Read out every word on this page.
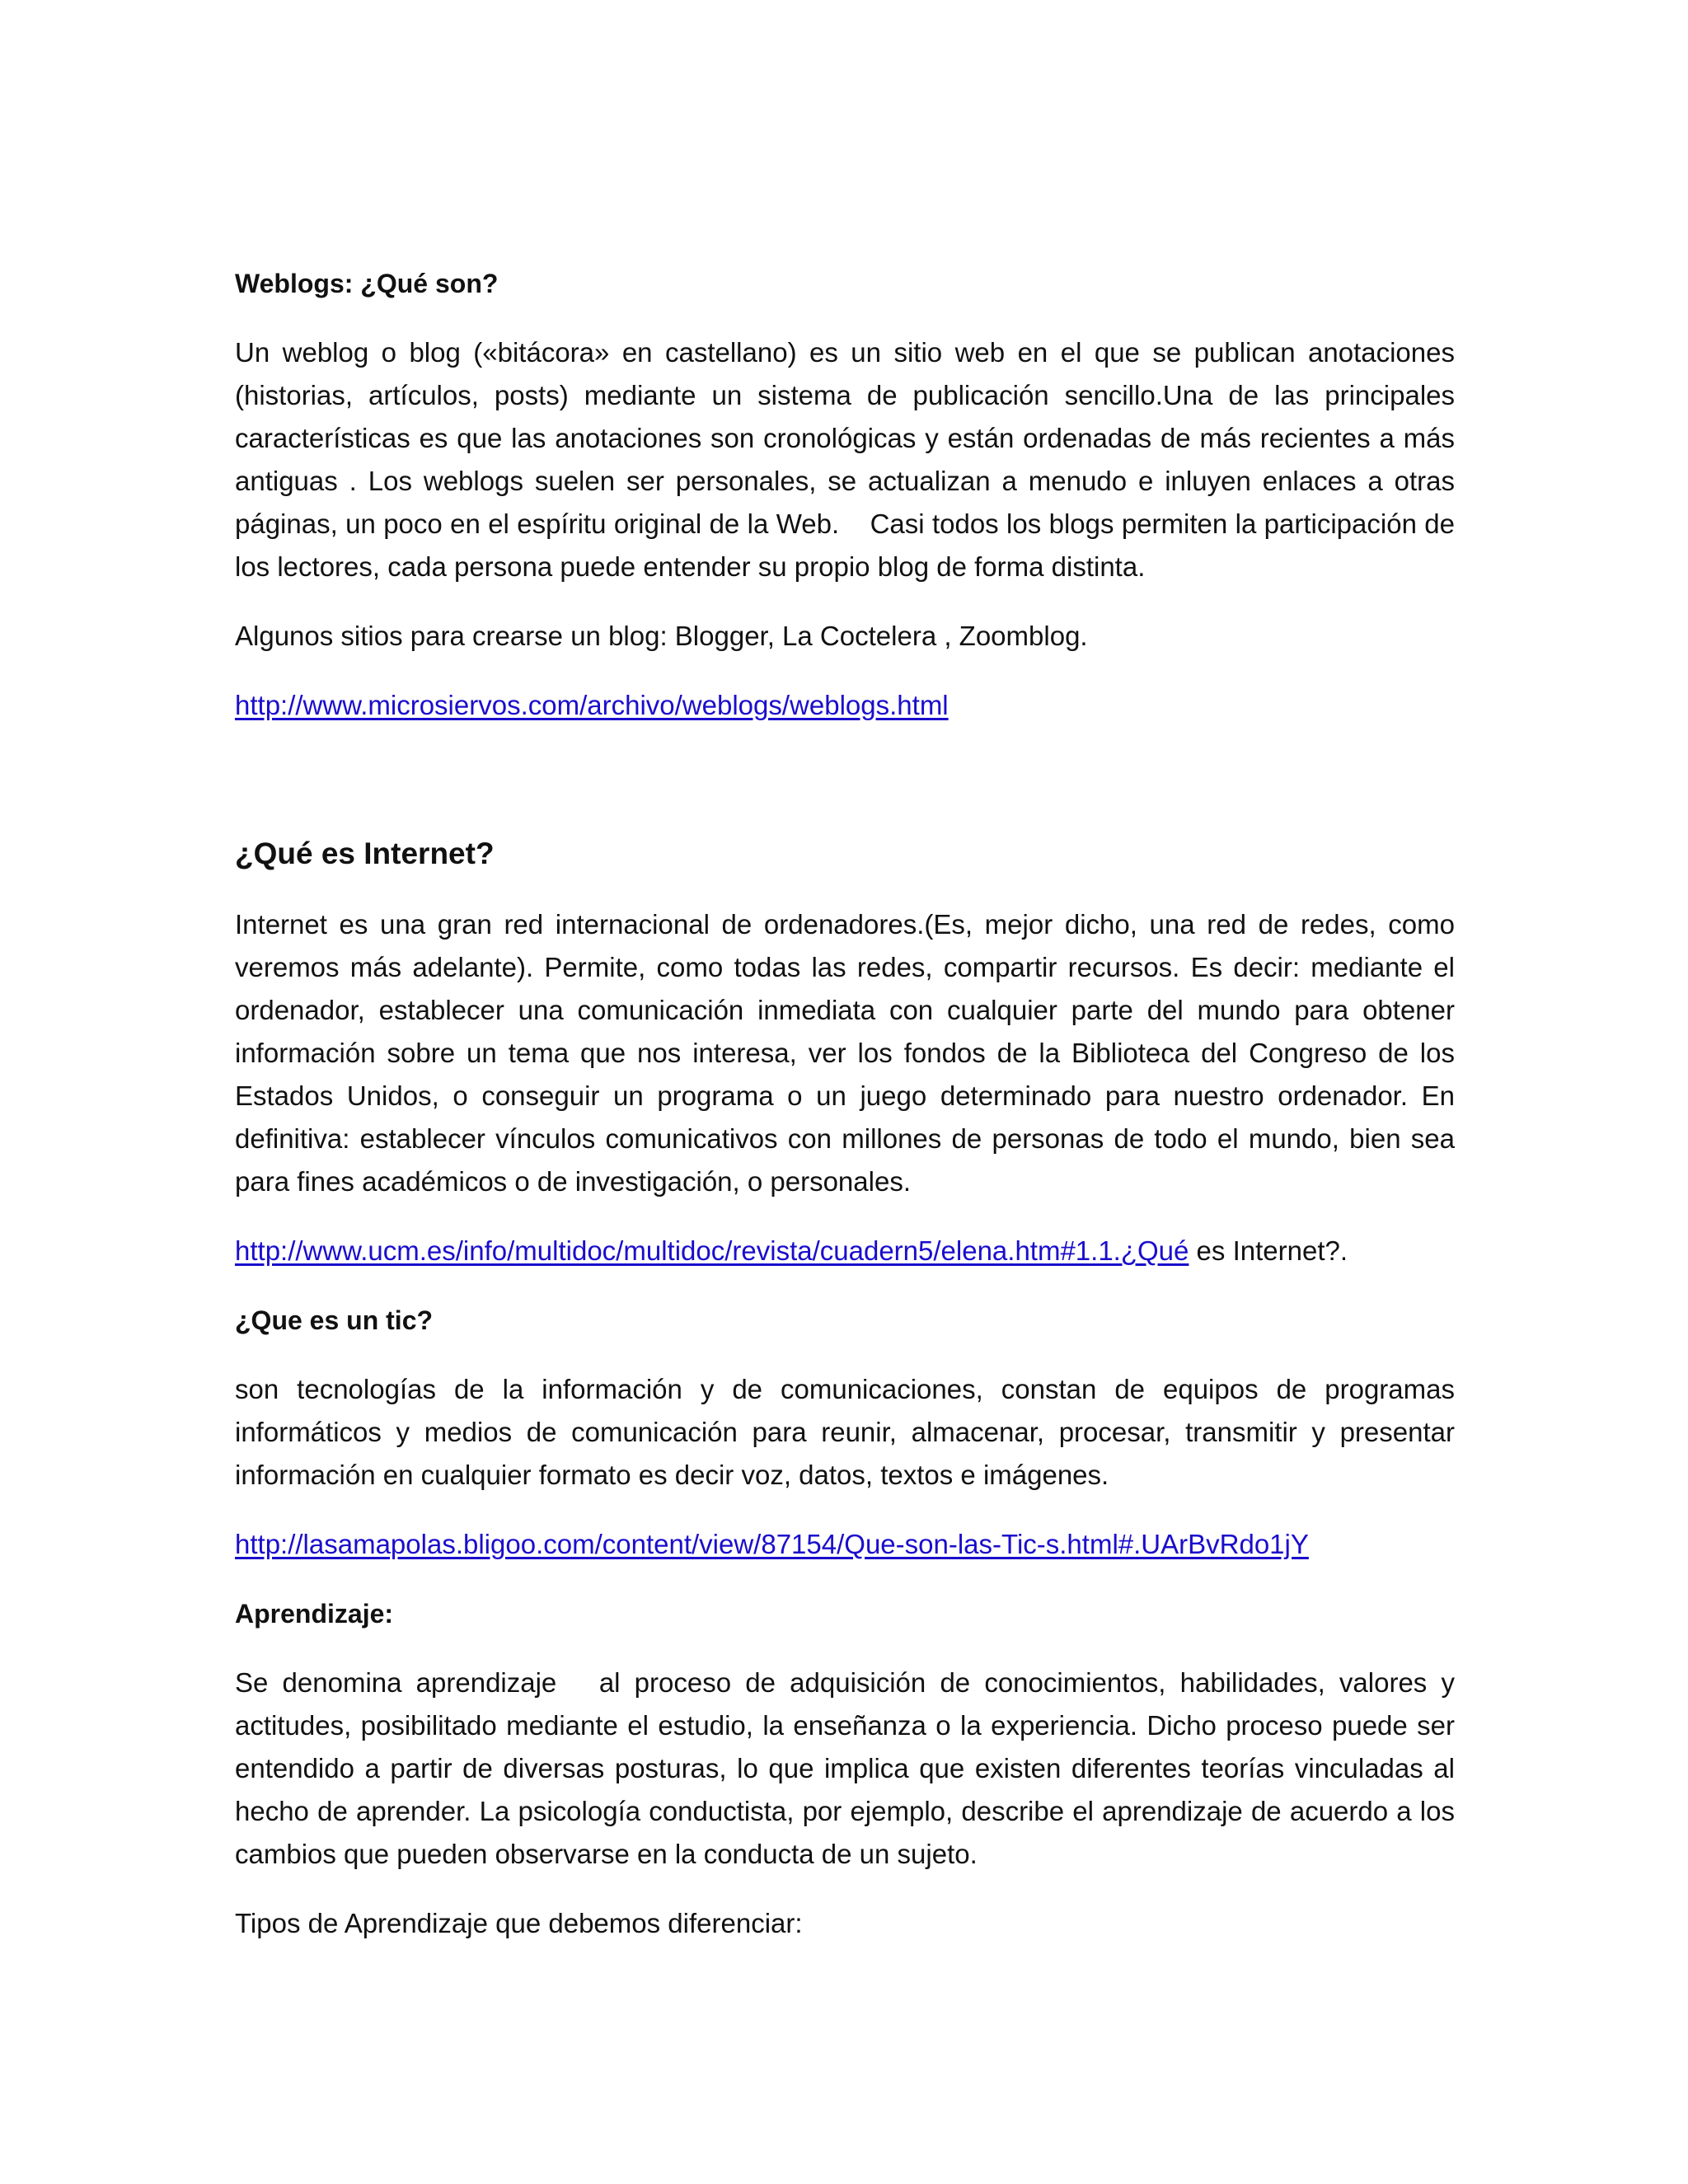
Weblogs: ¿Qué son?
Un weblog o blog («bitácora» en castellano) es un sitio web en el que se publican anotaciones (historias, artículos, posts) mediante un sistema de publicación sencillo.Una de las principales características es que las anotaciones son cronológicas y están ordenadas de más recientes a más antiguas . Los weblogs suelen ser personales, se actualizan a menudo e inluyen enlaces a otras páginas, un poco en el espíritu original de la Web.    Casi todos los blogs permiten la participación de los lectores, cada persona puede entender su propio blog de forma distinta.
Algunos sitios para crearse un blog: Blogger, La Coctelera , Zoomblog.
http://www.microsiervos.com/archivo/weblogs/weblogs.html
¿Qué es Internet?
Internet es una gran red internacional de ordenadores.(Es, mejor dicho, una red de redes, como veremos más adelante). Permite, como todas las redes, compartir recursos. Es decir: mediante el ordenador, establecer una comunicación inmediata con cualquier parte del mundo para obtener información sobre un tema que nos interesa, ver los fondos de la Biblioteca del Congreso de los Estados Unidos, o conseguir un programa o un juego determinado para nuestro ordenador. En definitiva: establecer vínculos comunicativos con millones de personas de todo el mundo, bien sea para fines académicos o de investigación, o personales.
http://www.ucm.es/info/multidoc/multidoc/revista/cuadern5/elena.htm#1.1.¿Qué es Internet?.
¿Que es un tic?
son tecnologías de la información y de comunicaciones, constan de equipos de programas informáticos y medios de comunicación para reunir, almacenar, procesar, transmitir y presentar información en cualquier formato es decir voz, datos, textos e imágenes.
http://lasamapolas.bligoo.com/content/view/87154/Que-son-las-Tic-s.html#.UArBvRdo1jY
Aprendizaje:
Se denomina aprendizaje   al proceso de adquisición de conocimientos, habilidades, valores y actitudes, posibilitado mediante el estudio, la enseñanza o la experiencia. Dicho proceso puede ser entendido a partir de diversas posturas, lo que implica que existen diferentes teorías vinculadas al hecho de aprender. La psicología conductista, por ejemplo, describe el aprendizaje de acuerdo a los cambios que pueden observarse en la conducta de un sujeto.
Tipos de Aprendizaje que debemos diferenciar:
